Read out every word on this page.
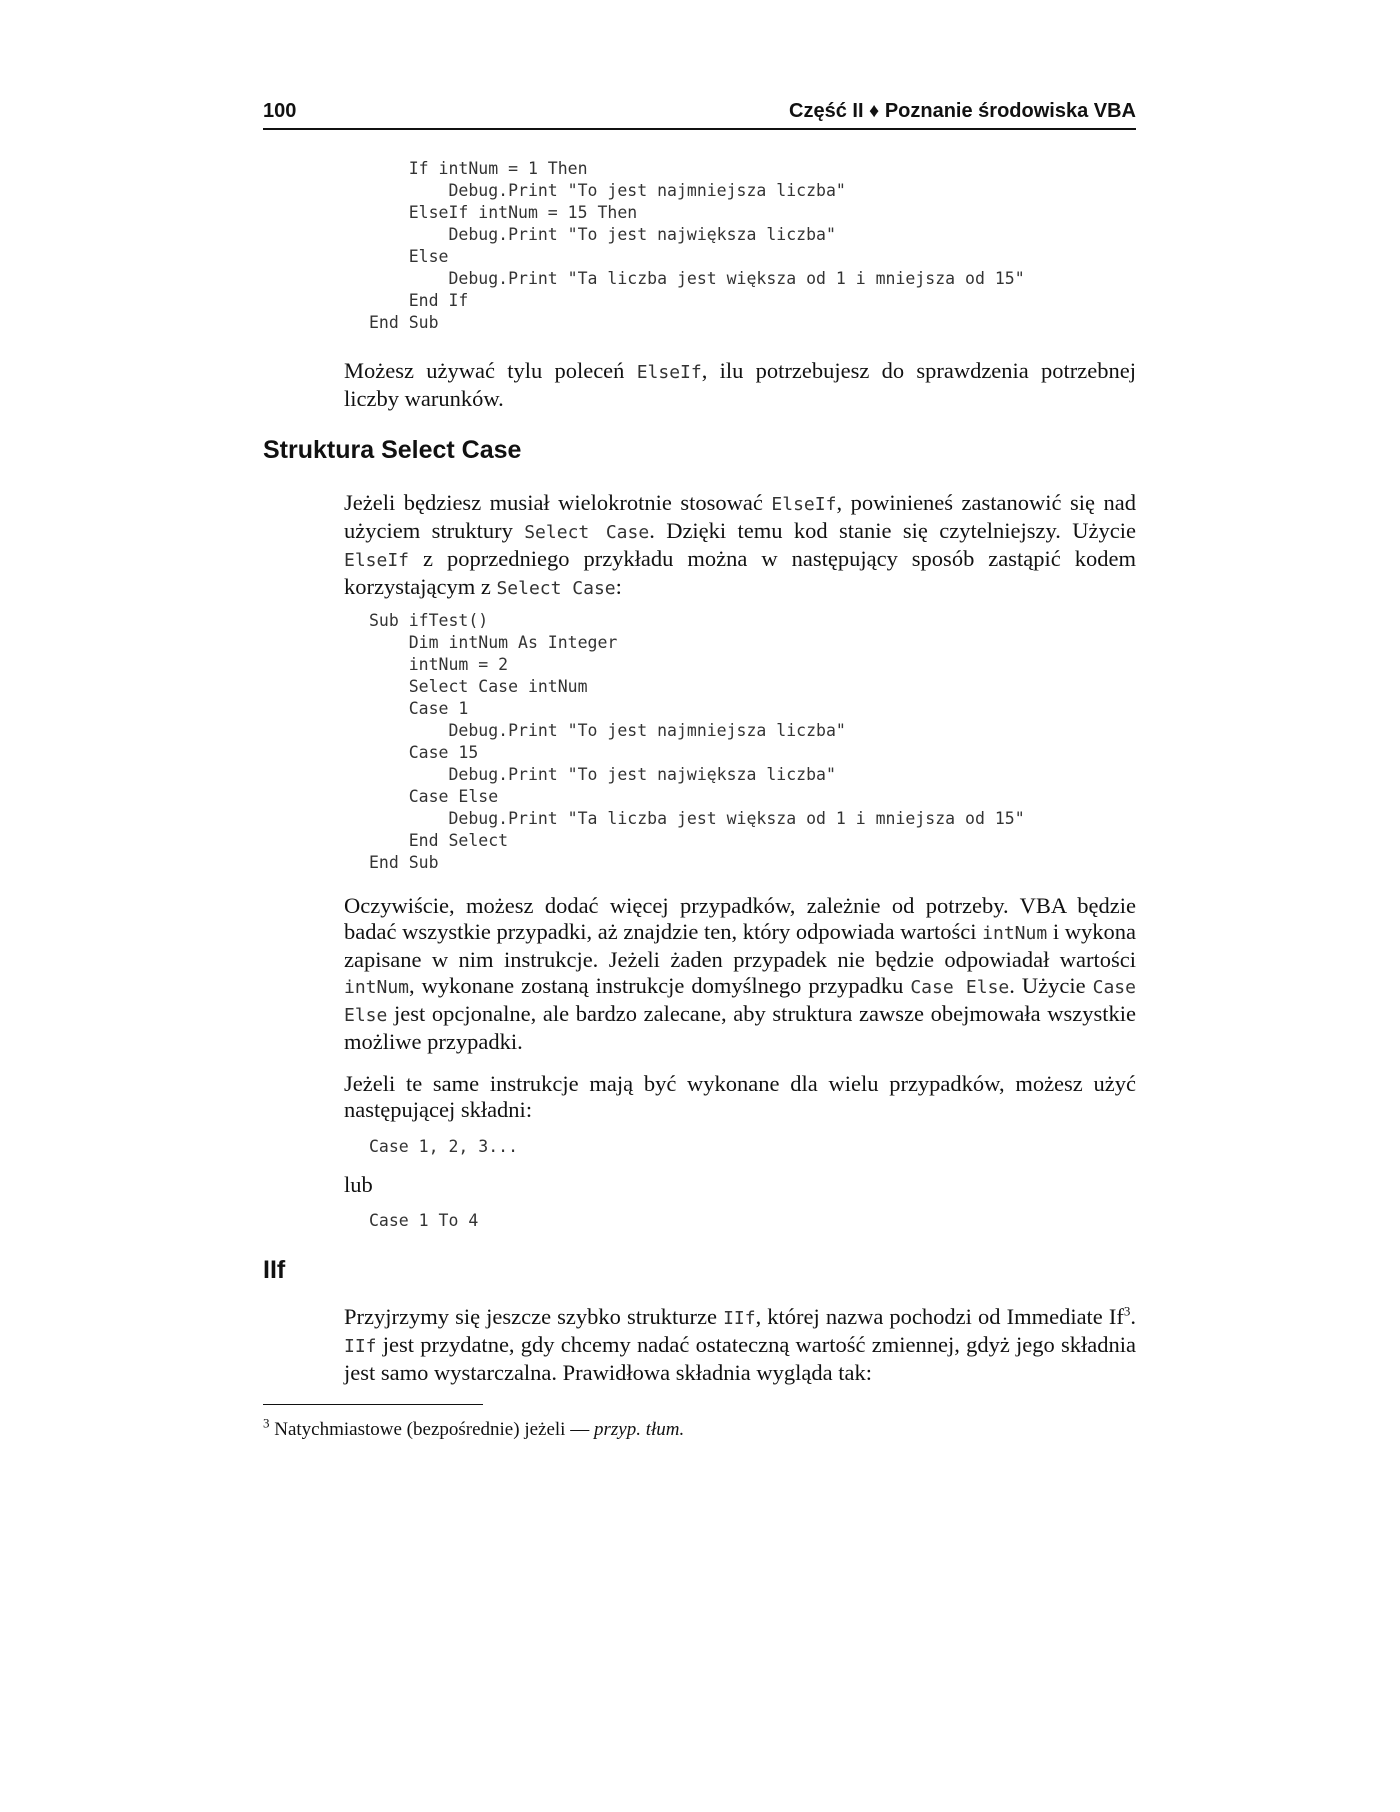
100	Część II ♦ Poznanie środowiska VBA
If intNum = 1 Then
Debug.Print "To jest najmniejsza liczba"
ElseIf intNum = 15 Then
Debug.Print "To jest największa liczba"
Else
Debug.Print "Ta liczba jest większa od 1 i mniejsza od 15"
End If
End Sub

Możesz używać tylu poleceń ElseIf, ilu potrzebujesz do sprawdzenia potrzebnej liczby warunków.

Struktura Select Case

Jeżeli będziesz musiał wielokrotnie stosować ElseIf, powinieneś zastanowić się nad użyciem struktury Select Case. Dzięki temu kod stanie się czytelniejszy. Użycie ElseIf z poprzedniego przykładu można w następujący sposób zastąpić kodem korzystającym z Select Case:

Sub ifTest()
Dim intNum As Integer
intNum = 2
Select Case intNum
Case 1
Debug.Print "To jest najmniejsza liczba"
Case 15
Debug.Print "To jest największa liczba"
Case Else
Debug.Print "Ta liczba jest większa od 1 i mniejsza od 15"
End Select
End Sub

Oczywiście, możesz dodać więcej przypadków, zależnie od potrzeby. VBA będzie badać wszystkie przypadki, aż znajdzie ten, który odpowiada wartości intNum i wykona zapisane w nim instrukcje. Jeżeli żaden przypadek nie będzie odpowiadał wartości intNum, wykonane zostaną instrukcje domyślnego przypadku Case Else. Użycie Case Else jest opcjonalne, ale bardzo zalecane, aby struktura zawsze obejmowała wszystkie możliwe przypadki.

Jeżeli te same instrukcje mają być wykonane dla wielu przypadków, możesz użyć następującej składni:

Case 1, 2, 3...

lub

Case 1 To 4
IIf

Przyjrzymy się jeszcze szybko strukturze IIf, której nazwa pochodzi od Immediate If$^3$. IIf jest przydatne, gdy chcemy nadać ostateczną wartość zmiennej, gdyż jego składnia jest samo wystarczalna. Prawidłowa składnia wygląda tak:

$^3$ Natychmiastowe (bezpośrednie) jeżeli — przyp. tłum.
